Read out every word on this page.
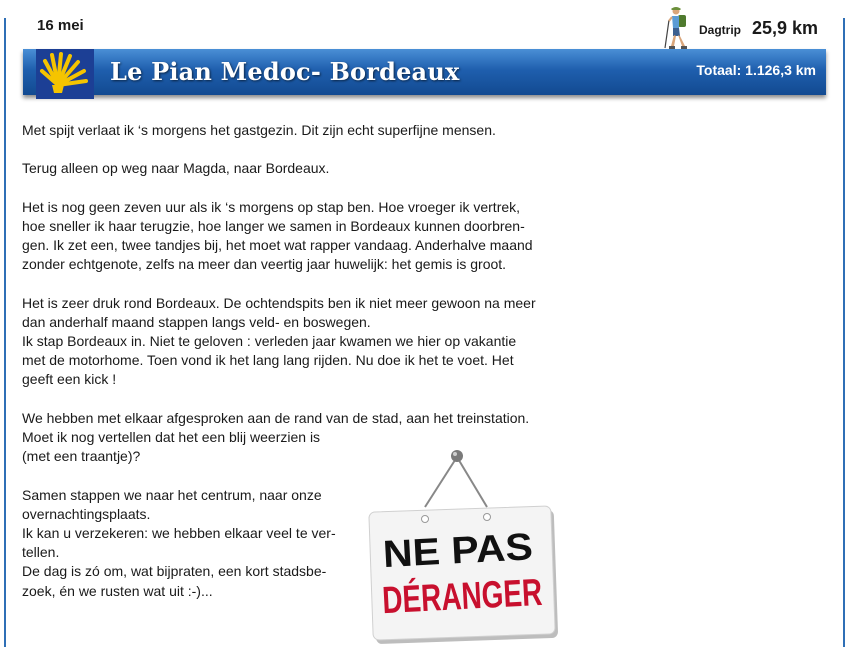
16 mei	Dagtrip 25,9 km
Le Pian Medoc- Bordeaux	Totaal: 1.126,3 km
Met spijt verlaat ik ‘s morgens het gastgezin. Dit zijn echt superfijne mensen.
Terug alleen op weg naar Magda, naar Bordeaux.
Het is nog geen zeven uur als ik ‘s morgens op stap ben. Hoe vroeger ik vertrek,
hoe sneller ik haar terugzie, hoe langer we samen in Bordeaux kunnen doorbren-
gen. Ik zet een, twee tandjes bij, het moet wat rapper vandaag. Anderhalve maand
zonder echtgenote, zelfs na meer dan veertig jaar huwelijk: het gemis is groot.
Het is zeer druk rond Bordeaux. De ochtendspits ben ik niet meer gewoon na meer
dan anderhalf maand stappen langs veld- en boswegen.
Ik stap Bordeaux in. Niet te geloven : verleden jaar kwamen we hier op vakantie
met de motorhome. Toen vond ik het lang lang rijden. Nu doe ik het te voet. Het
geeft een kick !
We hebben met elkaar afgesproken aan de rand van de stad, aan het treinstation.
Moet ik nog vertellen dat het een blij weerzien is
(met een traantje)?
Samen stappen we naar het centrum, naar onze
overnachtingsplaats.
Ik kan u verzekeren: we hebben elkaar veel te ver-
tellen.
De dag is zó om, wat bijpraten, een kort stadsbe-
zoek, én we rusten wat uit :-)...
NE PAS
DÉRANGER
